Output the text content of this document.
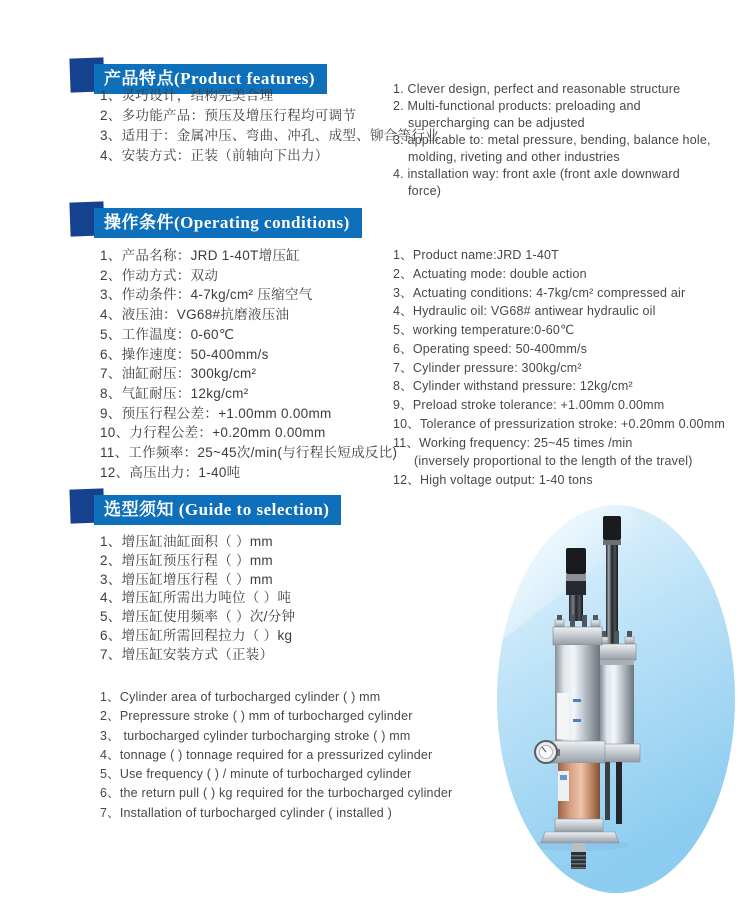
产品特点(Product features)
1、灵巧设计，结构完美合理
2、多功能产品：预压及增压行程均可调节
3、适用于：金属冲压、弯曲、冲孔、成型、铆合等行业
4、安装方式：正装（前轴向下出力）
1. Clever design, perfect and reasonable structure
2. Multi-functional products: preloading and
supercharging can be adjusted
3. applicable to: metal pressure, bending, balance hole,
molding, riveting and other industries
4. installation way: front axle (front axle downward
force)
操作条件(Operating conditions)
1、产品名称：JRD 1-40T增压缸
2、作动方式：双动
3、作动条件：4-7kg/cm² 压缩空气
4、液压油：VG68#抗磨液压油
5、工作温度：0-60℃
6、操作速度：50-400mm/s
7、油缸耐压：300kg/cm²
8、气缸耐压：12kg/cm²
9、预压行程公差：+1.00mm 0.00mm
10、力行程公差：+0.20mm 0.00mm
11、工作频率：25~45次/min(与行程长短成反比)
12、高压出力：1-40吨
1、Product name:JRD 1-40T
2、Actuating mode: double action
3、Actuating conditions: 4-7kg/cm² compressed air
4、Hydraulic oil: VG68# antiwear hydraulic oil
5、working temperature:0-60℃
6、Operating speed: 50-400mm/s
7、Cylinder pressure: 300kg/cm²
8、Cylinder withstand pressure: 12kg/cm²
9、Preload stroke tolerance: +1.00mm 0.00mm
10、Tolerance of pressurization stroke: +0.20mm 0.00mm
11、Working frequency: 25~45 times /min
(inversely proportional to the length of the travel)
12、High voltage output: 1-40 tons
选型须知 (Guide to selection)
1、增压缸油缸面积（ ）mm
2、增压缸预压行程（ ）mm
3、增压缸增压行程（ ）mm
4、增压缸所需出力吨位（ ）吨
5、增压缸使用频率（ ）次/分钟
6、增压缸所需回程拉力（ ）kg
7、增压缸安装方式（正装）
1、Cylinder area of turbocharged cylinder ( ) mm
2、Prepressure stroke ( ) mm of turbocharged cylinder
3、 turbocharged cylinder turbocharging stroke ( ) mm
4、tonnage ( ) tonnage required for a pressurized cylinder
5、Use frequency ( ) / minute of turbocharged cylinder
6、the return pull ( ) kg required for the turbocharged cylinder
7、Installation of turbocharged cylinder ( installed )
